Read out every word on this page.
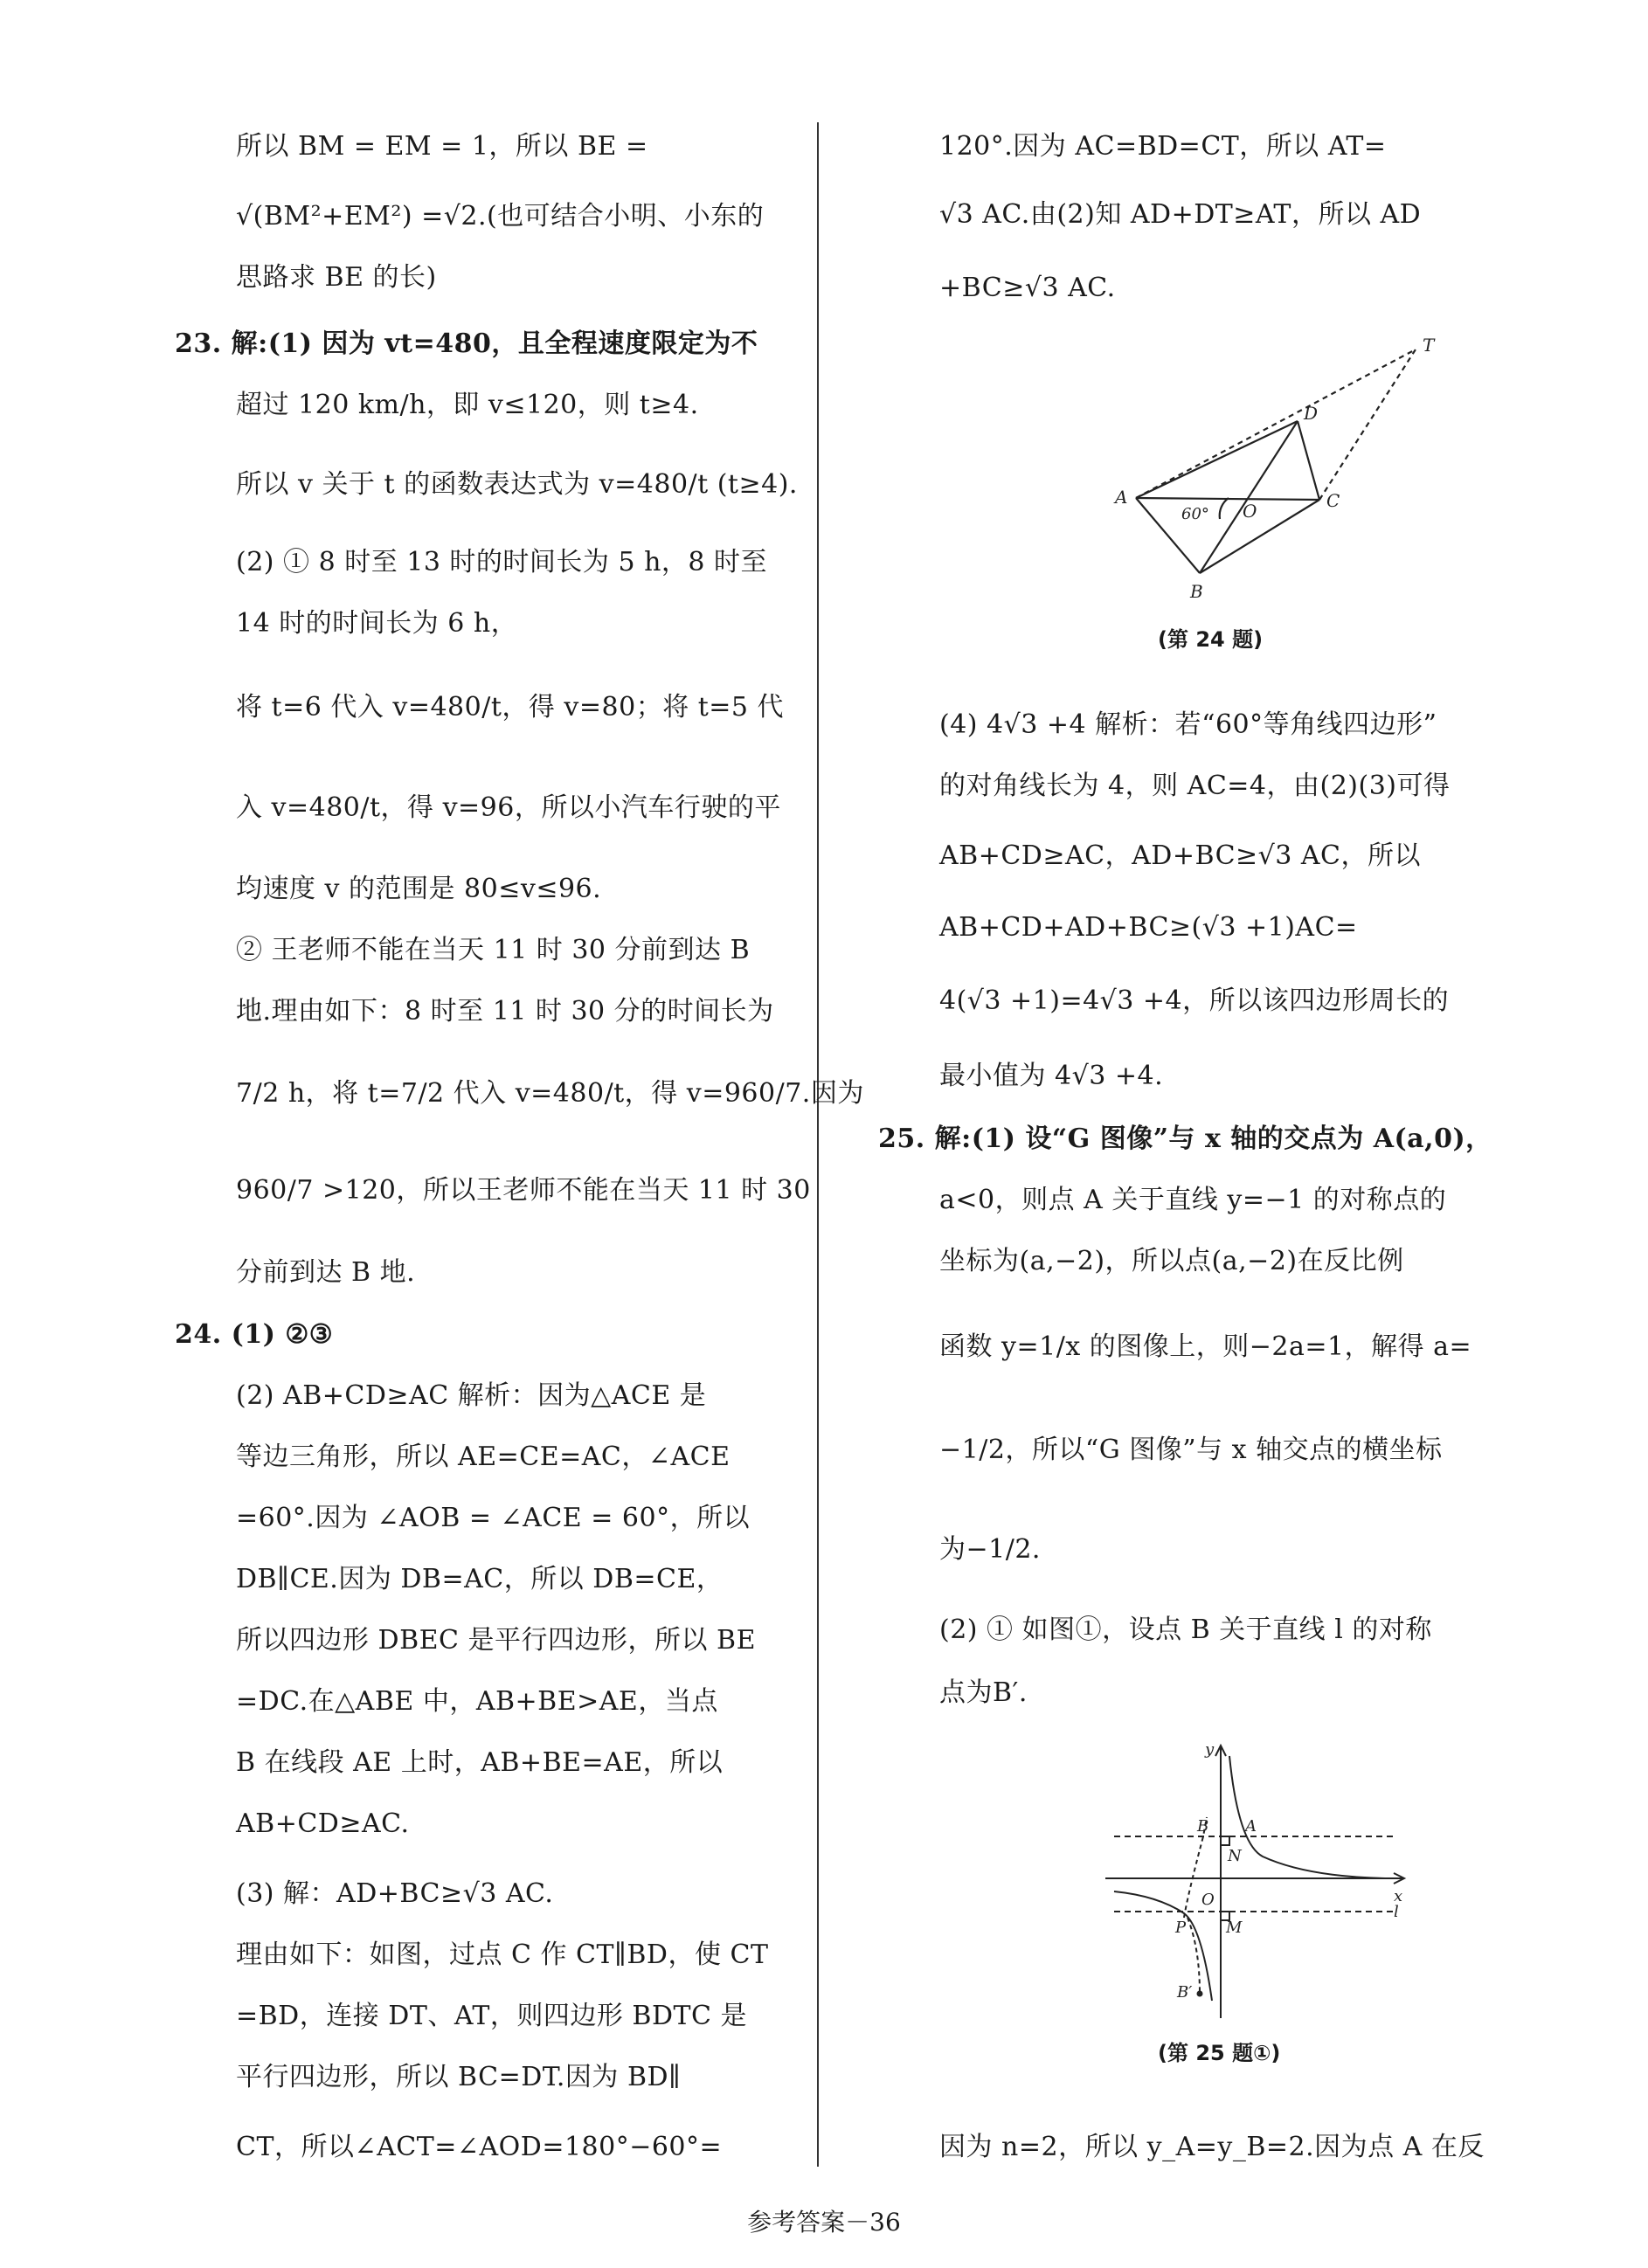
所以 BM = EM = 1，所以 BE =
√(BM²+EM²) =√2.(也可结合小明、小东的
思路求 BE 的长)
23. 解:(1) 因为 vt=480，且全程速度限定为不
超过 120 km/h，即 v≤120，则 t≥4.
所以 v 关于 t 的函数表达式为 v=480/t (t≥4).
(2) ① 8 时至 13 时的时间长为 5 h，8 时至
14 时的时间长为 6 h，
将 t=6 代入 v=480/t，得 v=80；将 t=5 代
入 v=480/t，得 v=96，所以小汽车行驶的平
均速度 v 的范围是 80≤v≤96.
② 王老师不能在当天 11 时 30 分前到达 B
地.理由如下：8 时至 11 时 30 分的时间长为
7/2 h，将 t=7/2 代入 v=480/t，得 v=960/7.因为
960/7 >120，所以王老师不能在当天 11 时 30
分前到达 B 地.
24. (1) ②③
(2) AB+CD≥AC 解析：因为△ACE 是
等边三角形，所以 AE=CE=AC，∠ACE
=60°.因为 ∠AOB = ∠ACE = 60°，所以
DB∥CE.因为 DB=AC，所以 DB=CE，
所以四边形 DBEC 是平行四边形，所以 BE
=DC.在△ABE 中，AB+BE>AE，当点
B 在线段 AE 上时，AB+BE=AE，所以
AB+CD≥AC.
(3) 解：AD+BC≥√3 AC.
理由如下：如图，过点 C 作 CT∥BD，使 CT
=BD，连接 DT、AT，则四边形 BDTC 是
平行四边形，所以 BC=DT.因为 BD∥
CT，所以∠ACT=∠AOD=180°−60°=
120°.因为 AC=BD=CT，所以 AT=
√3 AC.由(2)知 AD+DT≥AT，所以 AD
+BC≥√3 AC.
T
D
A
O	C
B
60°
(第 24 题)
(4) 4√3 +4 解析：若“60°等角线四边形”
的对角线长为 4，则 AC=4，由(2)(3)可得
AB+CD≥AC，AD+BC≥√3 AC，所以
AB+CD+AD+BC≥(√3 +1)AC=
4(√3 +1)=4√3 +4，所以该四边形周长的
最小值为 4√3 +4.
25. 解:(1) 设“G 图像”与 x 轴的交点为 A(a,0)，
a<0，则点 A 关于直线 y=−1 的对称点的
坐标为(a,−2)，所以点(a,−2)在反比例
函数 y=1/x 的图像上，则−2a=1，解得 a=
−1/2，所以“G 图像”与 x 轴交点的横坐标
为−1/2.
(2) ① 如图①，设点 B 关于直线 l 的对称
点为B′.
y
B A
N
x
O
l
P	M
B′
(第 25 题①)
因为 n=2，所以 y_A=y_B=2.因为点 A 在反
参考答案－36
